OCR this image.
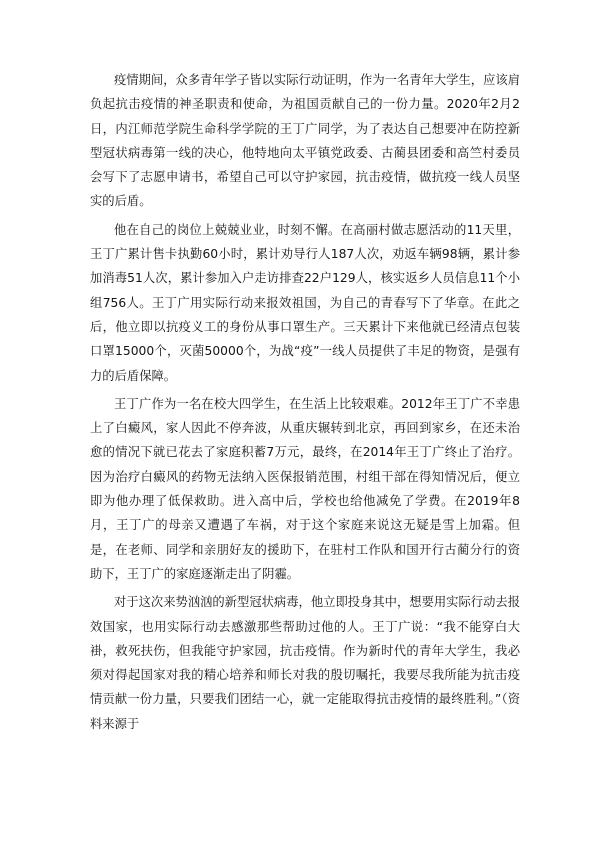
疫情期间，众多青年学子皆以实际行动证明，作为一名青年大学生，应该肩负起抗击疫情的神圣职责和使命，为祖国贡献自己的一份力量。2020年2月2日，内江师范学院生命科学学院的王丁广同学，为了表达自己想要冲在防控新型冠状病毒第一线的决心，他特地向太平镇党政委、古蔺县团委和高竺村委员会写下了志愿申请书，希望自己可以守护家园，抗击疫情，做抗疫一线人员坚实的后盾。

他在自己的岗位上兢兢业业，时刻不懈。在高丽村做志愿活动的11天里，王丁广累计售卡执勤60小时，累计劝导行人187人次，劝返车辆98辆，累计参加消毒51人次，累计参加入户走访排查22户129人，核实返乡人员信息11个小组756人。王丁广用实际行动来报效祖国，为自己的青春写下了华章。在此之后，他立即以抗疫义工的身份从事口罩生产。三天累计下来他就已经清点包装口罩15000个，灭菌50000个，为战“疫”一线人员提供了丰足的物资，是强有力的后盾保障。

王丁广作为一名在校大四学生，在生活上比较艰难。2012年王丁广不幸患上了白癜风，家人因此不停奔波，从重庆辗转到北京，再回到家乡，在还未治愈的情况下就已花去了家庭积蓄7万元，最终，在2014年王丁广终止了治疗。因为治疗白癜风的药物无法纳入医保报销范围，村组干部在得知情况后，便立即为他办理了低保救助。进入高中后，学校也给他减免了学费。在2019年8月，王丁广的母亲又遭遇了车祸，对于这个家庭来说这无疑是雪上加霜。但是，在老师、同学和亲朋好友的援助下，在驻村工作队和国开行古蔺分行的资助下，王丁广的家庭逐渐走出了阴霾。

对于这次来势汹汹的新型冠状病毒，他立即投身其中，想要用实际行动去报效国家，也用实际行动去感激那些帮助过他的人。王丁广说：“我不能穿白大褂，救死扶伤，但我能守护家园，抗击疫情。作为新时代的青年大学生，我必须对得起国家对我的精心培养和师长对我的殷切嘱托，我要尽我所能为抗击疫情贡献一份力量，只要我们团结一心，就一定能取得抗击疫情的最终胜利。”（资料来源于
